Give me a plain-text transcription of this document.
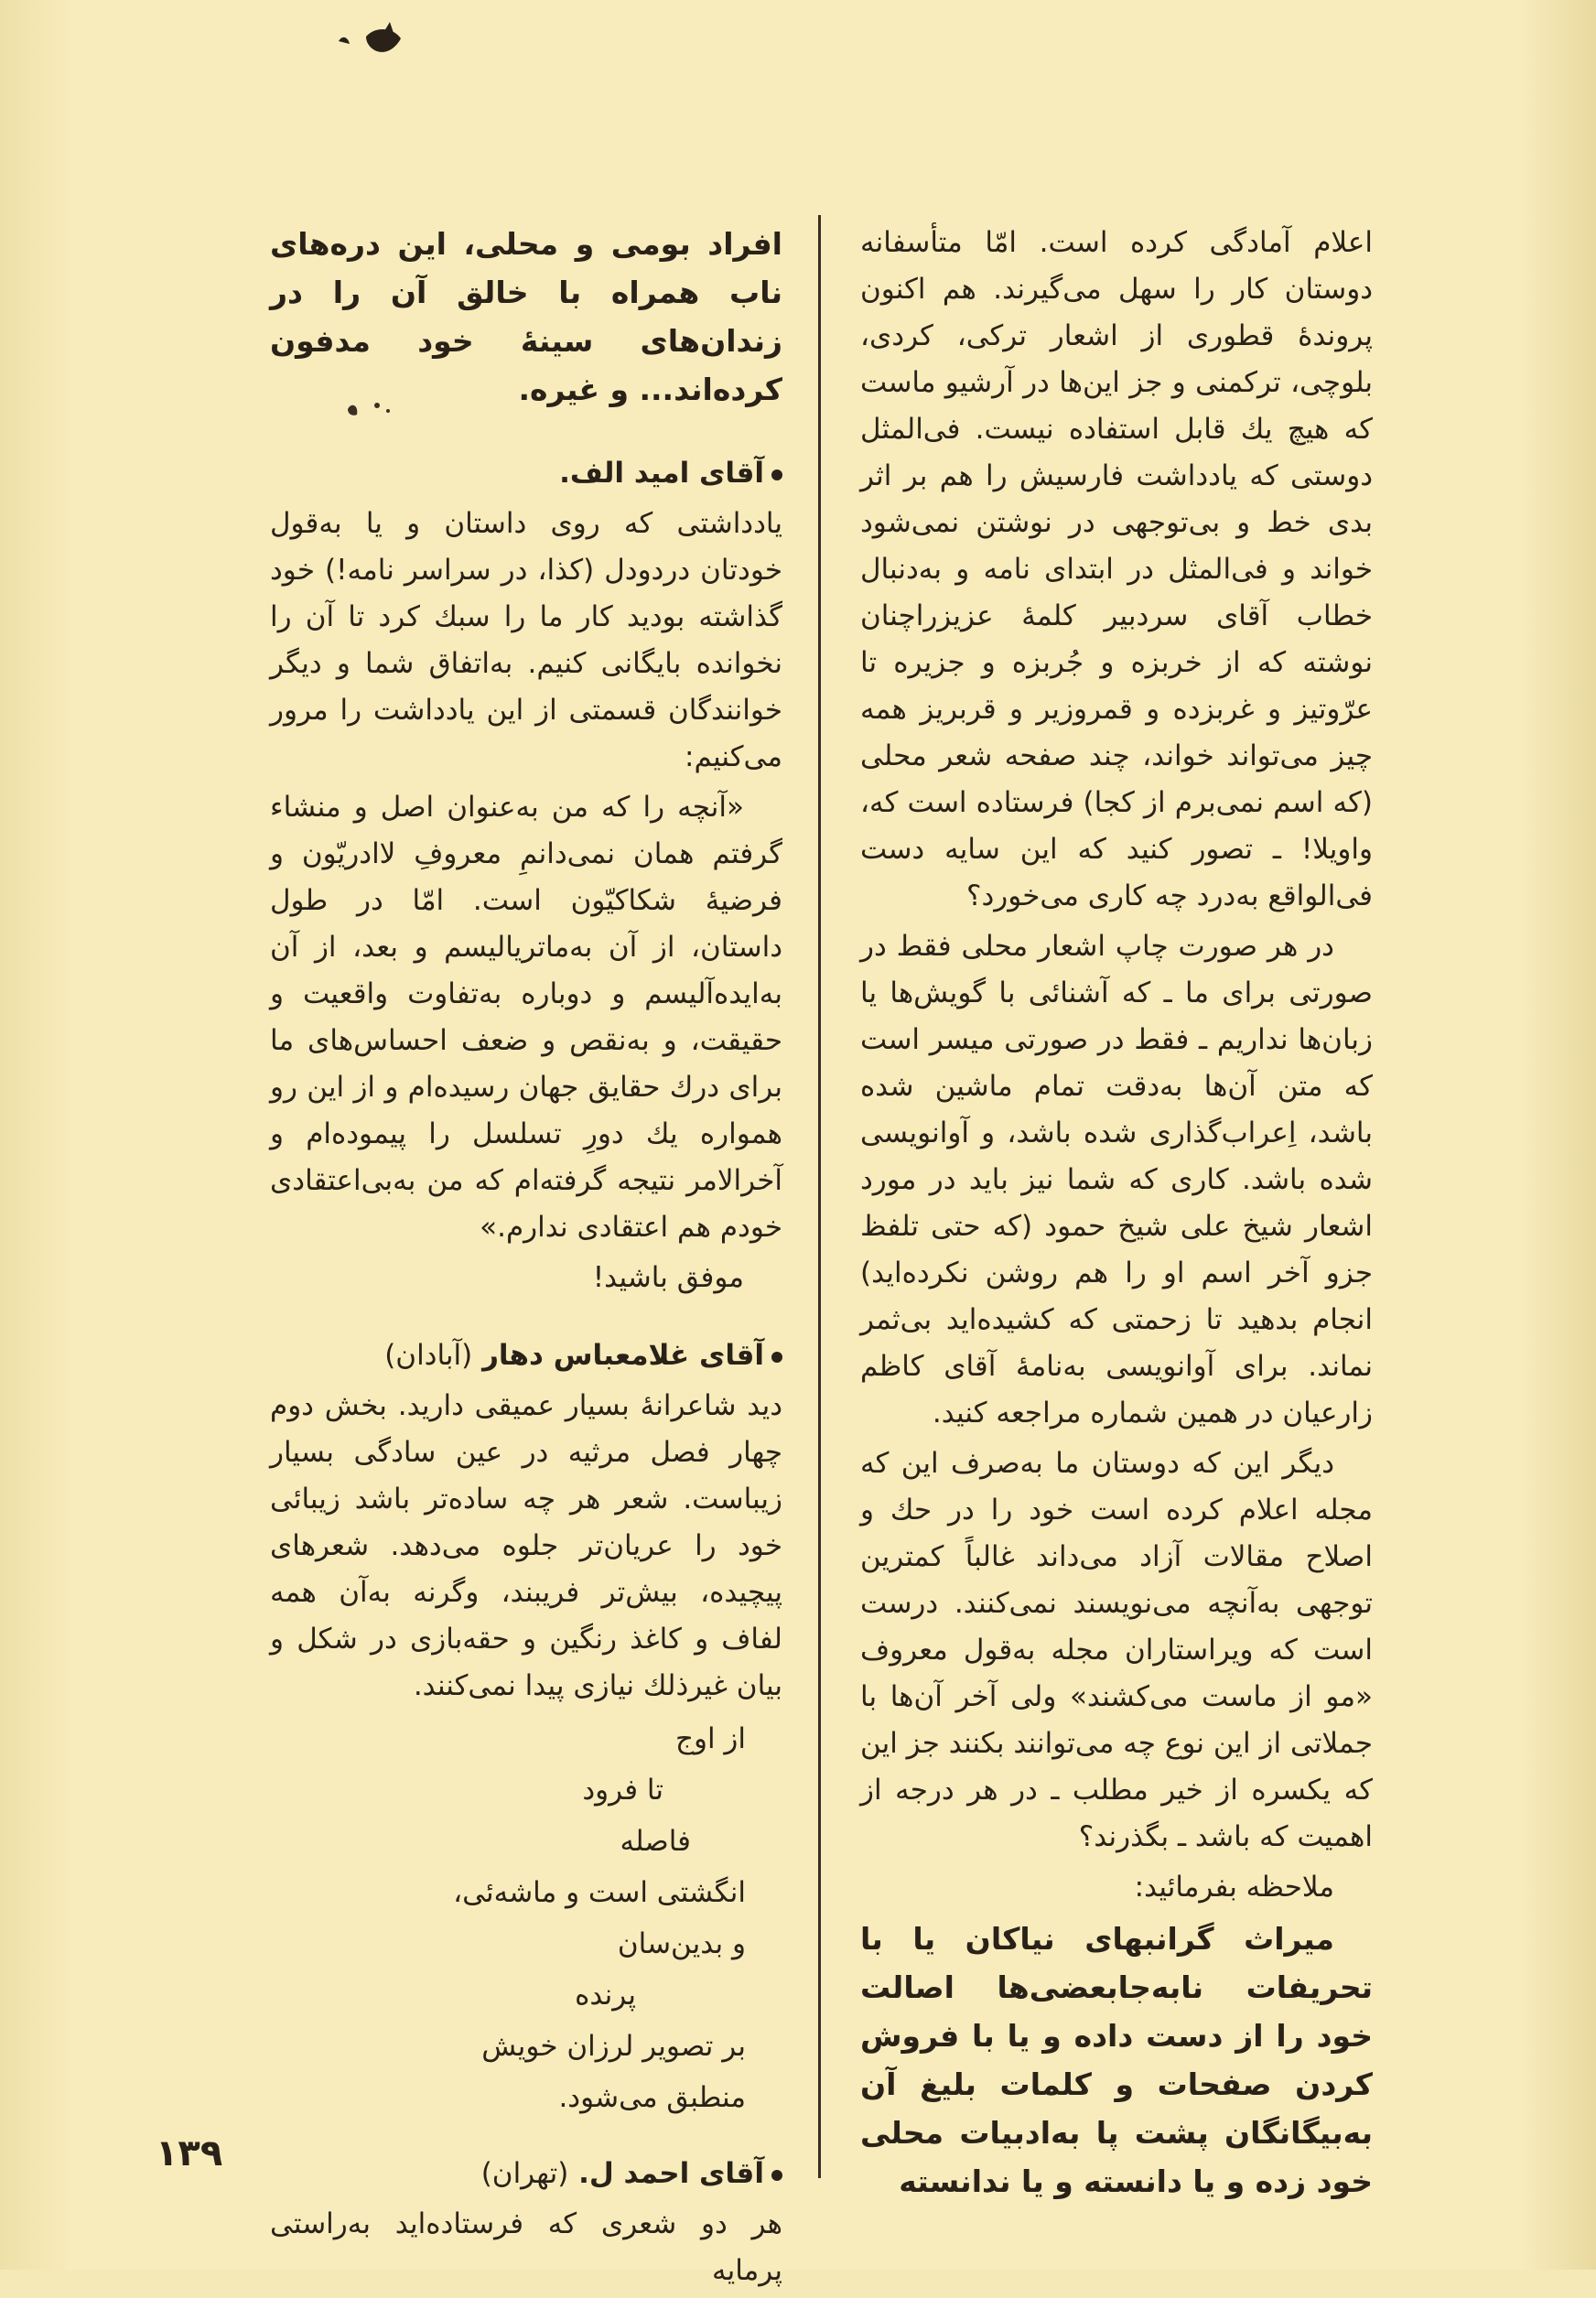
اعلام آمادگی کرده است. امّا متأسفانه دوستان کار را سهل می‌گیرند. هم اکنون پروندهٔ قطوری از اشعار ترکی، کردی، بلوچی، ترکمنی و جز این‌ها در آرشیو ماست که هیچ یك قابل استفاده نیست. فی‌المثل دوستی که یادداشت فارسیش را هم بر اثر بدی خط و بی‌توجهی در نوشتن نمی‌شود خواند و فی‌المثل در ابتدای نامه و به‌دنبال خطاب آقای سردبیر کلمهٔ عزیزراچنان نوشته که از خربزه و جُربزه و جزیره تا عرّوتیز و غربزده و قمروزیر و قربریز همه چیز می‌تواند خواند، چند صفحه شعر محلی (که اسم نمی‌برم از کجا) فرستاده است که، واویلا! ـ تصور کنید که این سایه دست فی‌الواقع به‌درد چه کاری می‌خورد؟

در هر صورت چاپ اشعار محلی فقط در صورتی برای ما ـ که آشنائی با گویش‌ها یا زبان‌ها نداریم ـ فقط در صورتی میسر است که متن آن‌ها به‌دقت تمام ماشین شده باشد، اِعراب‌گذاری شده باشد، و آوانویسی شده باشد. کاری که شما نیز باید در مورد اشعار شیخ علی شیخ حمود (که حتی تلفظ جزو آخر اسم او را هم روشن نکرده‌اید) انجام بدهید تا زحمتی که کشیده‌اید بی‌ثمر نماند. برای آوانویسی به‌نامهٔ آقای کاظم زارعیان در همین شماره مراجعه کنید.

دیگر این که دوستان ما به‌صرف این که مجله اعلام کرده است خود را در حك و اصلاح مقالات آزاد می‌داند غالباً کمترین توجهی به‌آنچه می‌نویسند نمی‌کنند. درست است که ویراستاران مجله به‌قول معروف «مو از ماست می‌کشند» ولی آخر آن‌ها با جملاتی از این نوع چه می‌توانند بکنند جز این که یکسره از خیر مطلب ـ در هر درجه از اهمیت که باشد ـ بگذرند؟

ملاحظه بفرمائید:

میراث گرانبهای نیاکان یا با تحریفات نابه‌جابعضی‌ها اصالت خود را از دست داده و یا با فروش کردن صفحات و کلمات بلیغ آن به‌بیگانگان پشت پا به‌ادبیات محلی خود زده و یا دانسته و یا ندانسته

افراد بومی و محلی، این دره‌های ناب همراه با خالق آن را در زندان‌های سینهٔ خود مدفون کرده‌اند... و غیره.

آقای امید الف.

یادداشتی که روی داستان و یا به‌قول خودتان دردودل (کذا، در سراسر نامه!) خود گذاشته بودید کار ما را سبك کرد تا آن را نخوانده بایگانی کنیم. به‌اتفاق شما و دیگر خوانندگان قسمتی از این یادداشت را مرور می‌کنیم:

«آنچه را که من به‌عنوان اصل و منشاء گرفتم همان نمی‌دانمِ معروفِ لاادریّون و فرضیهٔ شکاکیّون است. امّا در طول داستان، از آن به‌ماتریالیسم و بعد، از آن به‌ایده‌آلیسم و دوباره به‌تفاوت واقعیت و حقیقت، و به‌نقص و ضعف احساس‌های ما برای درك حقایق جهان رسیده‌ام و از این رو همواره یك دورِ تسلسل را پیموده‌ام و آخرالامر نتیجه گرفته‌ام که من به‌بی‌اعتقادی خودم هم اعتقادی ندارم.»

موفق باشید!

آقای غلامعباس دهار (آبادان)

دید شاعرانهٔ بسیار عمیقی دارید. بخش دوم چهار فصل مرثیه در عین سادگی بسیار زیباست. شعر هر چه ساده‌تر باشد زیبائی خود را عریان‌تر جلوه می‌دهد. شعرهای پیچیده، بیش‌تر فریبند، وگرنه به‌آن همه لفاف و کاغذ رنگین و حقه‌بازی در شکل و بیان غیرذلك نیازی پیدا نمی‌کنند.

از اوج
تا فرود
فاصله
انگشتی است و ماشه‌ئی،
و بدین‌سان
پرنده
بر تصویر لرزان خویش
منطبق می‌شود.
آقای احمد ل. (تهران)

هر دو شعری که فرستاده‌اید به‌راستی پرمایه

۱۳۹
